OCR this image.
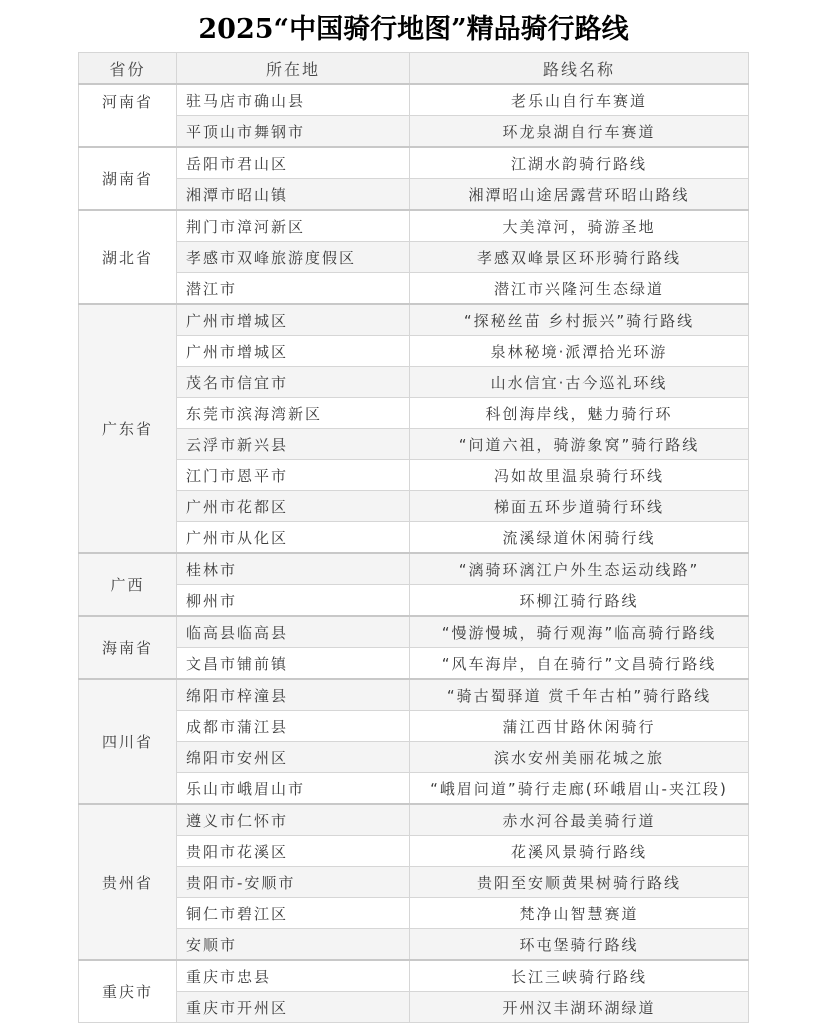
2025“中国骑行地图”精品骑行路线
省份	所在地	路线名称
河南省	驻马店市确山县	老乐山自行车赛道
	平顶山市舞钢市	环龙泉湖自行车赛道
湖南省	岳阳市君山区	江湖水韵骑行路线
	湘潭市昭山镇	湘潭昭山途居露营环昭山路线
湖北省	荆门市漳河新区	大美漳河，骑游圣地
	孝感市双峰旅游度假区	孝感双峰景区环形骑行路线
	潜江市	潜江市兴隆河生态绿道
广东省	广州市增城区	“探秘丝苗 乡村振兴”骑行路线
	广州市增城区	泉林秘境·派潭拾光环游
	茂名市信宜市	山水信宜·古今巡礼环线
	东莞市滨海湾新区	科创海岸线，魅力骑行环
	云浮市新兴县	“问道六祖，骑游象窝”骑行路线
	江门市恩平市	冯如故里温泉骑行环线
	广州市花都区	梯面五环步道骑行环线
	广州市从化区	流溪绿道休闲骑行线
广西	桂林市	“漓骑环漓江户外生态运动线路”
	柳州市	环柳江骑行路线
海南省	临高县临高县	“慢游慢城，骑行观海”临高骑行路线
	文昌市铺前镇	“风车海岸，自在骑行”文昌骑行路线
四川省	绵阳市梓潼县	“骑古蜀驿道 赏千年古柏”骑行路线
	成都市蒲江县	蒲江西甘路休闲骑行
	绵阳市安州区	滨水安州美丽花城之旅
	乐山市峨眉山市	“峨眉问道”骑行走廊(环峨眉山-夹江段)
贵州省	遵义市仁怀市	赤水河谷最美骑行道
	贵阳市花溪区	花溪风景骑行路线
	贵阳市-安顺市	贵阳至安顺黄果树骑行路线
	铜仁市碧江区	梵净山智慧赛道
	安顺市	环屯堡骑行路线
重庆市	重庆市忠县	长江三峡骑行路线
	重庆市开州区	开州汉丰湖环湖绿道
